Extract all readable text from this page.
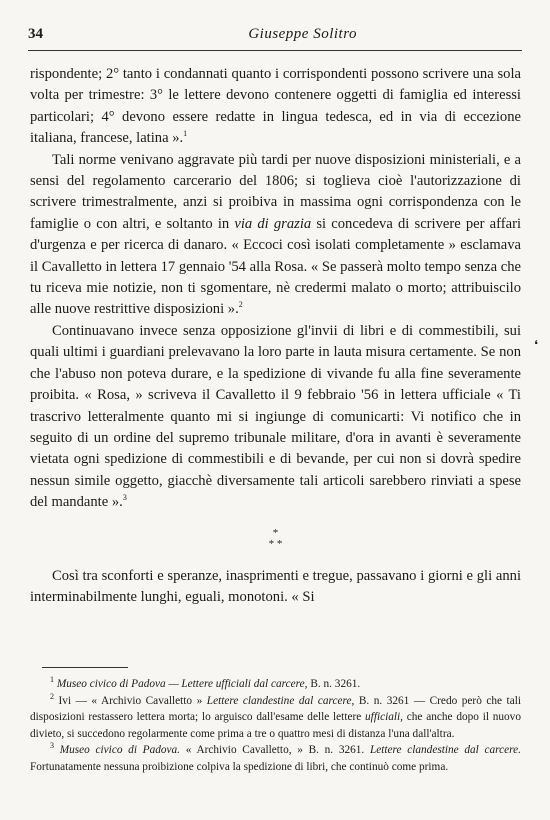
34	Giuseppe Solitro

rispondente; 2° tanto i condannati quanto i corrispondenti possono scrivere una sola volta per trimestre: 3° le lettere devono contenere oggetti di famiglia ed interessi particolari; 4° devono essere redatte in lingua tedesca, ed in via di eccezione italiana, francese, latina ».$^1$

Tali norme venivano aggravate più tardi per nuove disposizioni ministeriali, e a sensi del regolamento carcerario del 1806; si toglieva cioè l'autorizzazione di scrivere trimestralmente, anzi si proibiva in massima ogni corrispondenza con le famiglie o con altri, e soltanto in via di grazia si concedeva di scrivere per affari d'urgenza e per ricerca di danaro. « Eccoci così isolati completamente » esclamava il Cavalletto in lettera 17 gennaio '54 alla Rosa. « Se passerà molto tempo senza che tu riceva mie notizie, non ti sgomentare, nè credermi malato o morto; attribuiscilo alle nuove restrittive disposizioni ».$^2$

Continuavano invece senza opposizione gl'invii di libri e di commestibili, sui quali ultimi i guardiani prelevavano la loro parte in lauta misura certamente. Se non che l'abuso non poteva durare, e la spedizione di vivande fu alla fine severamente proibita. « Rosa, » scriveva il Cavalletto il 9 febbraio '56 in lettera ufficiale « Ti trascrivo letteralmente quanto mi si ingiunge di comunicarti: Vi notifico che in seguito di un ordine del supremo tribunale militare, d'ora in avanti è severamente vietata ogni spedizione di commestibili e di bevande, per cui non si dovrà spedire nessun simile oggetto, giacchè diversamente tali articoli sarebbero rinviati a spese del mandante ».$^3$

*
* *

Così tra sconforti e speranze, inasprimenti e tregue, passavano i giorni e gli anni interminabilmente lunghi, eguali, monotoni. « Si

$^1$ Museo civico di Padova — Lettere ufficiali dal carcere, B. n. 3261.

$^2$ Ivi — « Archivio Cavalletto » Lettere clandestine dal carcere, B. n. 3261 — Credo però che tali disposizioni restassero lettera morta; lo arguisco dall'esame delle lettere ufficiali, che anche dopo il nuovo divieto, si succedono regolarmente come prima a tre o quattro mesi di distanza l'una dall'altra.

$^3$ Museo civico di Padova. « Archivio Cavalletto, » B. n. 3261. Lettere clandestine dal carcere. Fortunatamente nessuna proibizione colpiva la spedizione di libri, che continuò come prima.

❛
